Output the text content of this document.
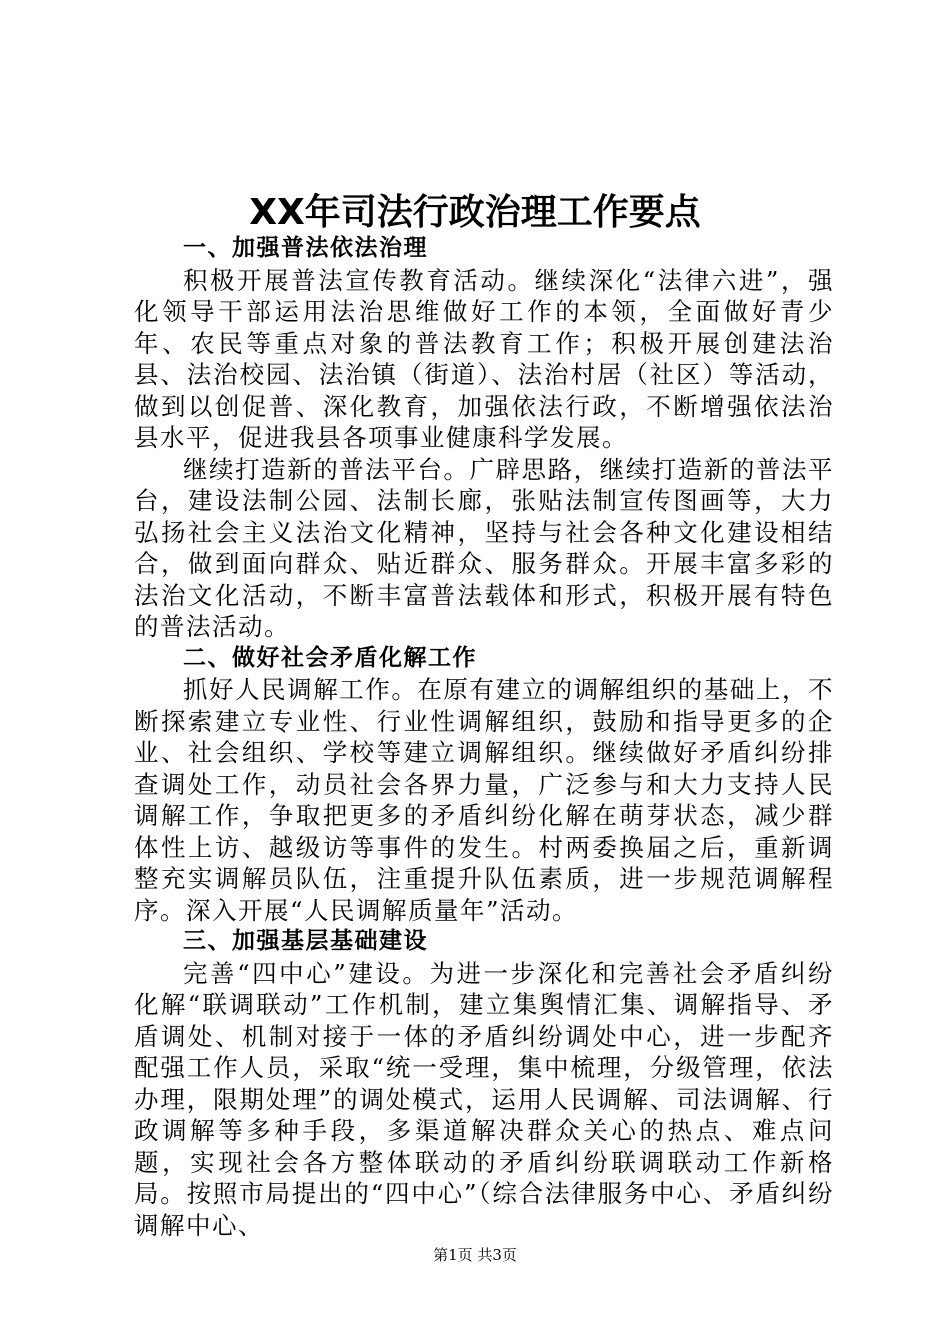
XX年司法行政治理工作要点

一、加强普法依法治理

积极开展普法宣传教育活动。继续深化“法律六进”，强化领导干部运用法治思维做好工作的本领，全面做好青少年、农民等重点对象的普法教育工作；积极开展创建法治县、法治校园、法治镇（街道）、法治村居（社区）等活动，做到以创促普、深化教育，加强依法行政，不断增强依法治县水平，促进我县各项事业健康科学发展。

继续打造新的普法平台。广辟思路，继续打造新的普法平台，建设法制公园、法制长廊，张贴法制宣传图画等，大力弘扬社会主义法治文化精神，坚持与社会各种文化建设相结合，做到面向群众、贴近群众、服务群众。开展丰富多彩的法治文化活动，不断丰富普法载体和形式，积极开展有特色的普法活动。

二、做好社会矛盾化解工作

抓好人民调解工作。在原有建立的调解组织的基础上，不断探索建立专业性、行业性调解组织，鼓励和指导更多的企业、社会组织、学校等建立调解组织。继续做好矛盾纠纷排查调处工作，动员社会各界力量，广泛参与和大力支持人民调解工作，争取把更多的矛盾纠纷化解在萌芽状态，减少群体性上访、越级访等事件的发生。村两委换届之后，重新调整充实调解员队伍，注重提升队伍素质，进一步规范调解程序。深入开展“人民调解质量年”活动。

三、加强基层基础建设

完善“四中心”建设。为进一步深化和完善社会矛盾纠纷化解“联调联动”工作机制，建立集舆情汇集、调解指导、矛盾调处、机制对接于一体的矛盾纠纷调处中心，进一步配齐配强工作人员，采取“统一受理，集中梳理，分级管理，依法办理，限期处理”的调处模式，运用人民调解、司法调解、行政调解等多种手段，多渠道解决群众关心的热点、难点问题，实现社会各方整体联动的矛盾纠纷联调联动工作新格局。按照市局提出的“四中心”（综合法律服务中心、矛盾纠纷调解中心、

第1页 共3页
